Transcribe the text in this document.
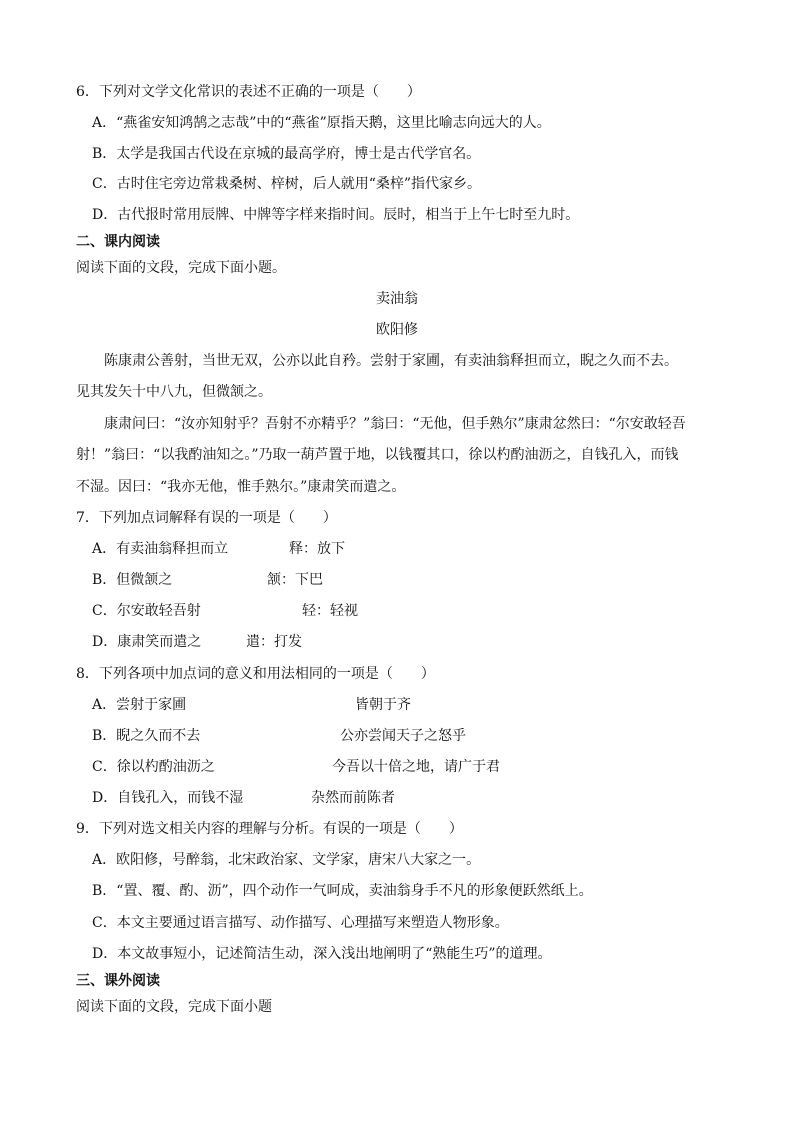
6．下列对文学文化常识的表述不正确的一项是（　　）
A．“燕雀安知鸿鹄之志哉”中的“燕雀”原指天鹅，这里比喻志向远大的人。
B．太学是我国古代设在京城的最高学府，博士是古代学官名。
C．古时住宅旁边常栽桑树、梓树，后人就用“桑梓”指代家乡。
D．古代报时常用辰牌、中牌等字样来指时间。辰时，相当于上午七时至九时。
二、课内阅读
阅读下面的文段，完成下面小题。
卖油翁
欧阳修
陈康肃公善射，当世无双，公亦以此自矜。尝射于家圃，有卖油翁释担而立，睨之久而不去。
见其发矢十中八九，但微颔之。
康肃问曰：“汝亦知射乎？吾射不亦精乎？”翁曰：“无他，但手熟尔”康肃忿然曰：“尔安敢轻吾
射！”翁曰：“以我酌油知之。”乃取一葫芦置于地，以钱覆其口，徐以杓酌油沥之，自钱孔入，而钱
不湿。因曰：“我亦无他，惟手熟尔。”康肃笑而遣之。
7．下列加点词解释有误的一项是（　　）
A．有卖油翁释担而立	释：放下
B．但微颔之	颔：下巴
C．尔安敢轻吾射	轻：轻视
D．康肃笑而遣之	遣：打发
8．下列各项中加点词的意义和用法相同的一项是（　　）
A．尝射于家圃	皆朝于齐
B．睨之久而不去	公亦尝闻天子之怒乎
C．徐以杓酌油沥之	今吾以十倍之地，请广于君
D．自钱孔入，而钱不湿	杂然而前陈者
9．下列对选文相关内容的理解与分析。有误的一项是（　　）
A．欧阳修，号醉翁，北宋政治家、文学家，唐宋八大家之一。
B．“置、覆、酌、沥”，四个动作一气呵成，卖油翁身手不凡的形象便跃然纸上。
C．本文主要通过语言描写、动作描写、心理描写来塑造人物形象。
D．本文故事短小，记述简洁生动，深入浅出地阐明了“熟能生巧”的道理。
三、课外阅读
阅读下面的文段，完成下面小题
